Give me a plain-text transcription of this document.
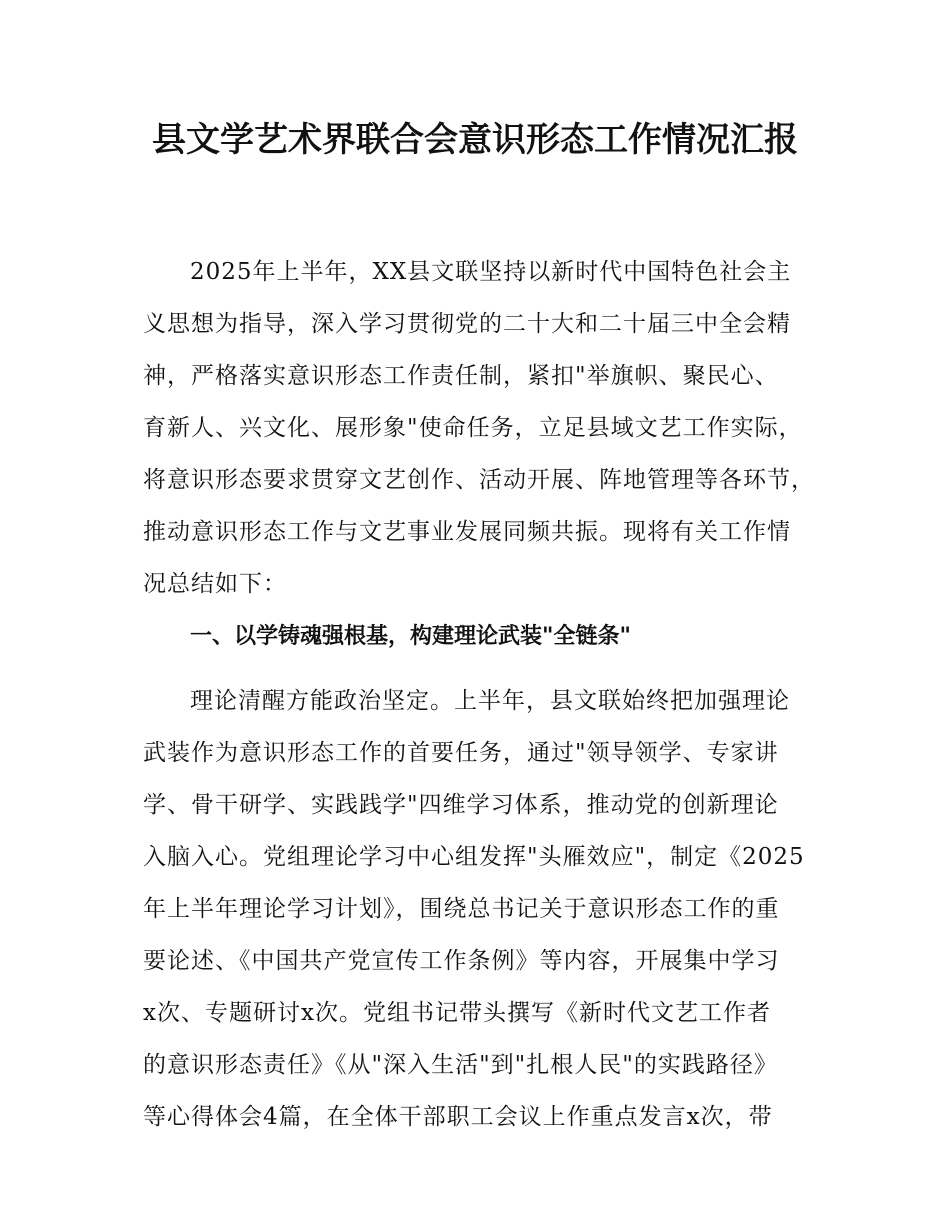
县文学艺术界联合会意识形态工作情况汇报

2025年上半年，XX县文联坚持以新时代中国特色社会主

义思想为指导，深入学习贯彻党的二十大和二十届三中全会精

神，严格落实意识形态工作责任制，紧扣"举旗帜、聚民心、

育新人、兴文化、展形象"使命任务，立足县域文艺工作实际，

将意识形态要求贯穿文艺创作、活动开展、阵地管理等各环节，

推动意识形态工作与文艺事业发展同频共振。现将有关工作情

况总结如下：

一、以学铸魂强根基，构建理论武装"全链条"

理论清醒方能政治坚定。上半年，县文联始终把加强理论

武装作为意识形态工作的首要任务，通过"领导领学、专家讲

学、骨干研学、实践践学"四维学习体系，推动党的创新理论

入脑入心。党组理论学习中心组发挥"头雁效应"，制定《2025

年上半年理论学习计划》，围绕总书记关于意识形态工作的重

要论述、《中国共产党宣传工作条例》等内容，开展集中学习

x次、专题研讨x次。党组书记带头撰写《新时代文艺工作者

的意识形态责任》《从"深入生活"到"扎根人民"的实践路径》

等心得体会4篇，在全体干部职工会议上作重点发言x次，带
